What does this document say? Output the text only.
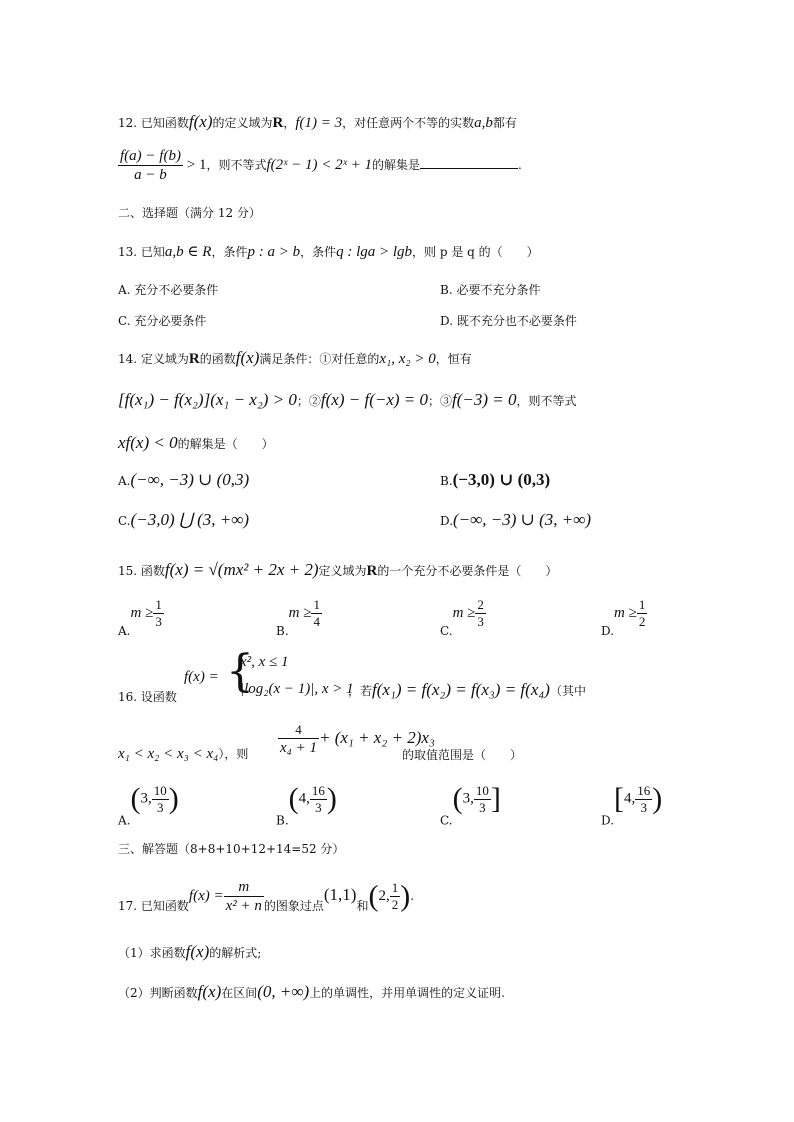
12. 已知函数f(x)的定义域为R，f(1) = 3，对任意两个不等的实数a,b都有
$\frac{f(a) - f(b)}{a - b} > 1$，则不等式f(2ˣ − 1) < 2ˣ + 1的解集是	.
二、选择题（满分 12 分）
13. 已知a,b ∈ R，条件p : a > b，条件q : lga > lgb，则 p 是 q 的（　　）
A. 充分不必要条件	B. 必要不充分条件
C. 充分必要条件	D. 既不充分也不必要条件
14. 定义域为R的函数f(x)满足条件：①对任意的x₁, x₂ > 0，恒有
[f(x₁) − f(x₂)](x₁ − x₂) > 0；②f(x) − f(−x) = 0；③f(−3) = 0，则不等式
xf(x) < 0的解集是（　　）
A.(−∞, −3) ∪ (0,3)	B.(−3,0) ∪ (0,3)
C.(−3,0) ⋃ (3, +∞)	D.(−∞, −3) ∪ (3, +∞)
15. 函数f(x) = √(mx² + 2x + 2)定义域为R的一个充分不必要条件是（　　）
$A.m \ge \frac{1}{3}$
$B.m \ge \frac{1}{4}$
$C.m \ge \frac{2}{3}$
$D.m \ge \frac{1}{2}$
16. 设函数
f(x) = {
x², x ≤ 1
|log₂(x − 1)|, x > 1
，若f(x₁) = f(x₂) = f(x₃) = f(x₄)（其中
x₁ < x₂ < x₃ < x₄），则 $\frac{4}{\text{x₄ + 1}} + (x_1 + x_2 + 2)x_3$
的取值范围是（　　）
A.(3, $\frac{10}{3}$ )
B.(4, $\frac{16}{3}$ )
C.(3, $\frac{10}{3}$ ]
D.[4, $\frac{16}{3}$ )
三、解答题（8+8+10+12+14=52 分）
17. 已知函数$f(x) = \frac{m}{\text{x² + n}}$ 的图象过点(1,1)和(2, $\frac{1}{2}$ ).
（1）求函数f(x)的解析式;
（2）判断函数f(x)在区间(0, +∞)上的单调性，并用单调性的定义证明.
